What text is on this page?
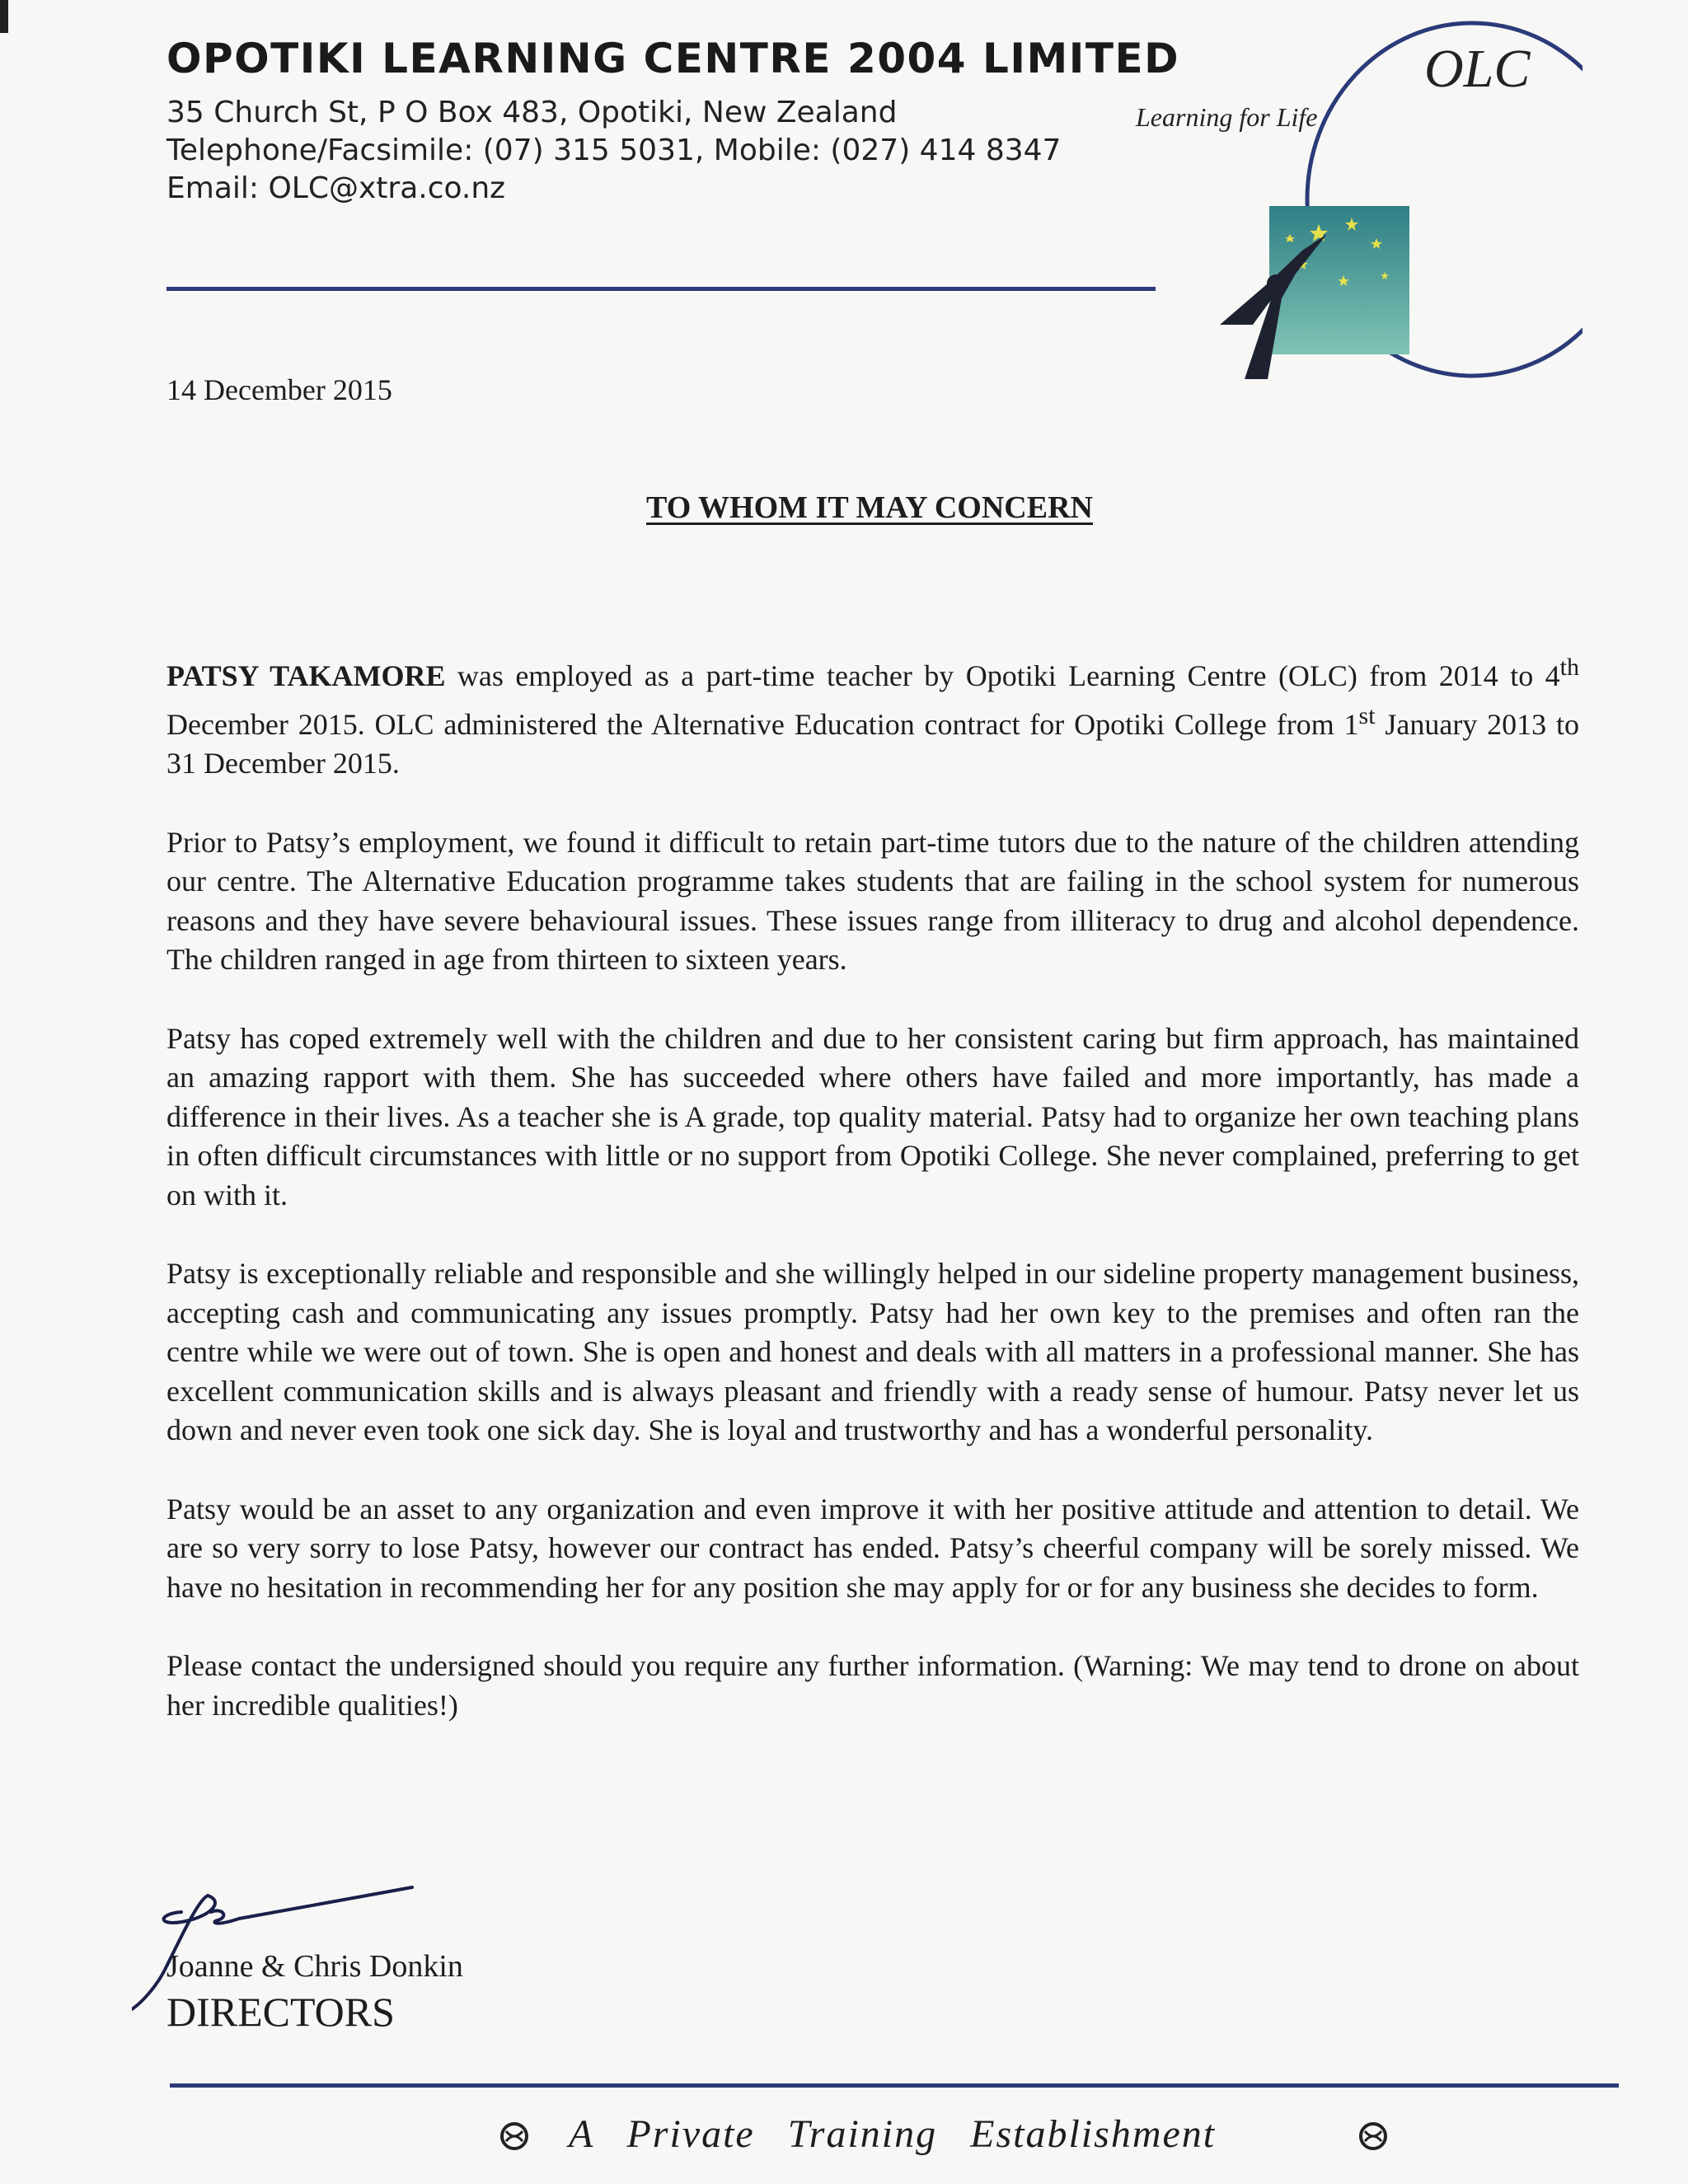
OPOTIKI LEARNING CENTRE 2004 LIMITED
35 Church St, P O Box 483, Opotiki, New Zealand
Telephone/Facsimile: (07) 315 5031, Mobile: (027) 414 8347
Email: OLC@xtra.co.nz
OLC
Learning for Life
14 December 2015
TO WHOM IT MAY CONCERN

PATSY TAKAMORE was employed as a part-time teacher by Opotiki Learning Centre (OLC) from 2014 to 4th December 2015. OLC administered the Alternative Education contract for Opotiki College from 1st January 2013 to 31 December 2015.

Prior to Patsy’s employment, we found it difficult to retain part-time tutors due to the nature of the children attending our centre. The Alternative Education programme takes students that are failing in the school system for numerous reasons and they have severe behavioural issues. These issues range from illiteracy to drug and alcohol dependence. The children ranged in age from thirteen to sixteen years.

Patsy has coped extremely well with the children and due to her consistent caring but firm approach, has maintained an amazing rapport with them. She has succeeded where others have failed and more importantly, has made a difference in their lives. As a teacher she is A grade, top quality material. Patsy had to organize her own teaching plans in often difficult circumstances with little or no support from Opotiki College. She never complained, preferring to get on with it.

Patsy is exceptionally reliable and responsible and she willingly helped in our sideline property management business, accepting cash and communicating any issues promptly. Patsy had her own key to the premises and often ran the centre while we were out of town. She is open and honest and deals with all matters in a professional manner. She has excellent communication skills and is always pleasant and friendly with a ready sense of humour. Patsy never let us down and never even took one sick day. She is loyal and trustworthy and has a wonderful personality.

Patsy would be an asset to any organization and even improve it with her positive attitude and attention to detail. We are so very sorry to lose Patsy, however our contract has ended. Patsy’s cheerful company will be sorely missed. We have no hesitation in recommending her for any position she may apply for or for any business she decides to form.

Please contact the undersigned should you require any further information. (Warning: We may tend to drone on about her incredible qualities!)

Joanne & Chris Donkin
DIRECTORS
A Private Training Establishment
